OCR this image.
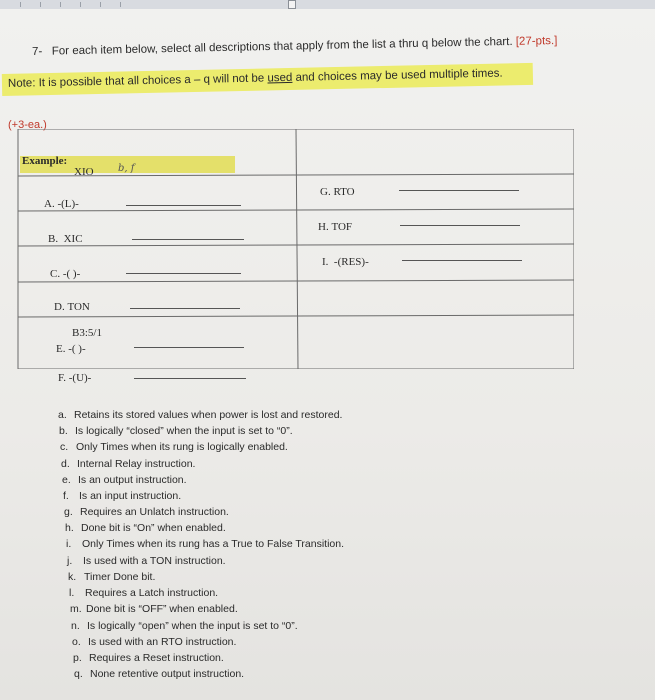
7- For each item below, select all descriptions that apply from the list a thru q below the chart. [27-pts.]
Note: It is possible that all choices a – q will not be used and choices may be used multiple times.
(+3-ea.)
Example:
XIO b, f
A. -(L)-
B. XIC
C. -( )-
D. TON
B3:5/1
E. -( )-
F. -(U)-
G. RTO
H. TOF
I. -(RES)-
a. Retains its stored values when power is lost and restored.
b. Is logically “closed” when the input is set to “0”.
c. Only Times when its rung is logically enabled.
d. Internal Relay instruction.
e. Is an output instruction.
f. Is an input instruction.
g. Requires an Unlatch instruction.
h. Done bit is “On” when enabled.
i. Only Times when its rung has a True to False Transition.
j. Is used with a TON instruction.
k. Timer Done bit.
l. Requires a Latch instruction.
m. Done bit is “OFF” when enabled.
n. Is logically “open” when the input is set to “0”.
o. Is used with an RTO instruction.
p. Requires a Reset instruction.
q. None retentive output instruction.
